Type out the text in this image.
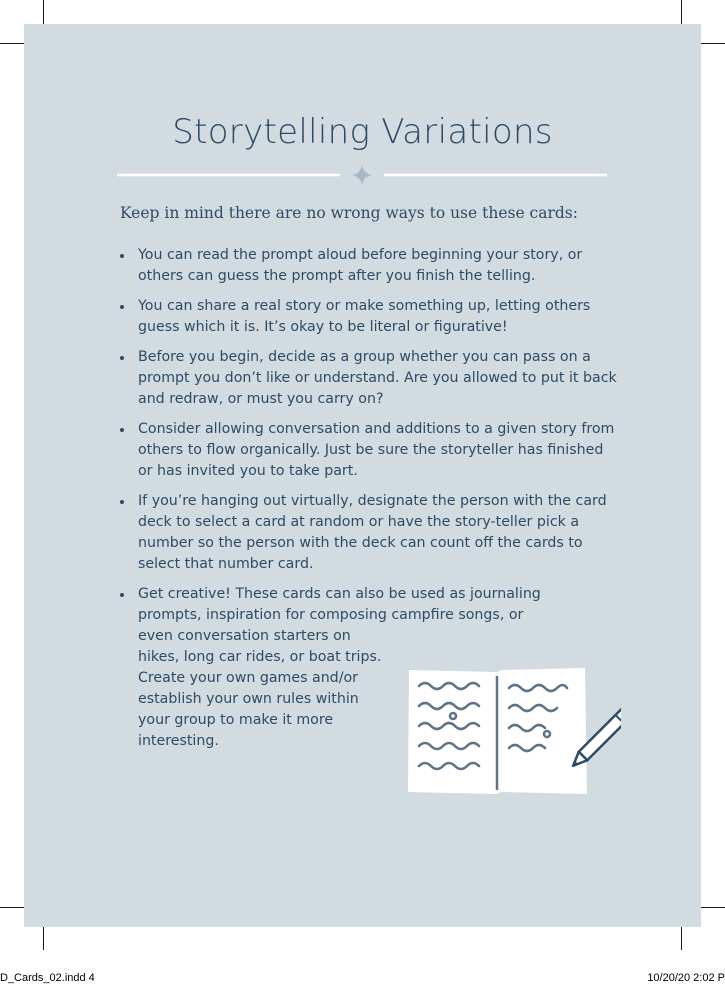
Storytelling Variations

Keep in mind there are no wrong ways to use these cards:

You can read the prompt aloud before beginning your story, or others can guess the prompt after you finish the telling.
You can share a real story or make something up, letting others guess which it is. It’s okay to be literal or figurative!
Before you begin, decide as a group whether you can pass on a prompt you don’t like or understand. Are you allowed to put it back and redraw, or must you carry on?
Consider allowing conversation and additions to a given story from others to flow organically. Just be sure the storyteller has finished or has invited you to take part.
If you’re hanging out virtually, designate the person with the card deck to select a card at random or have the story-teller pick a number so the person with the deck can count off the cards to select that number card.
Get creative! These cards can also be used as journaling prompts, inspiration for composing campfire songs, or
even conversation starters on hikes, long car rides, or boat trips. Create your own games and/or establish your own rules within your group to make it more interesting.
D_Cards_02.indd 4	10/20/20 2:02 P
